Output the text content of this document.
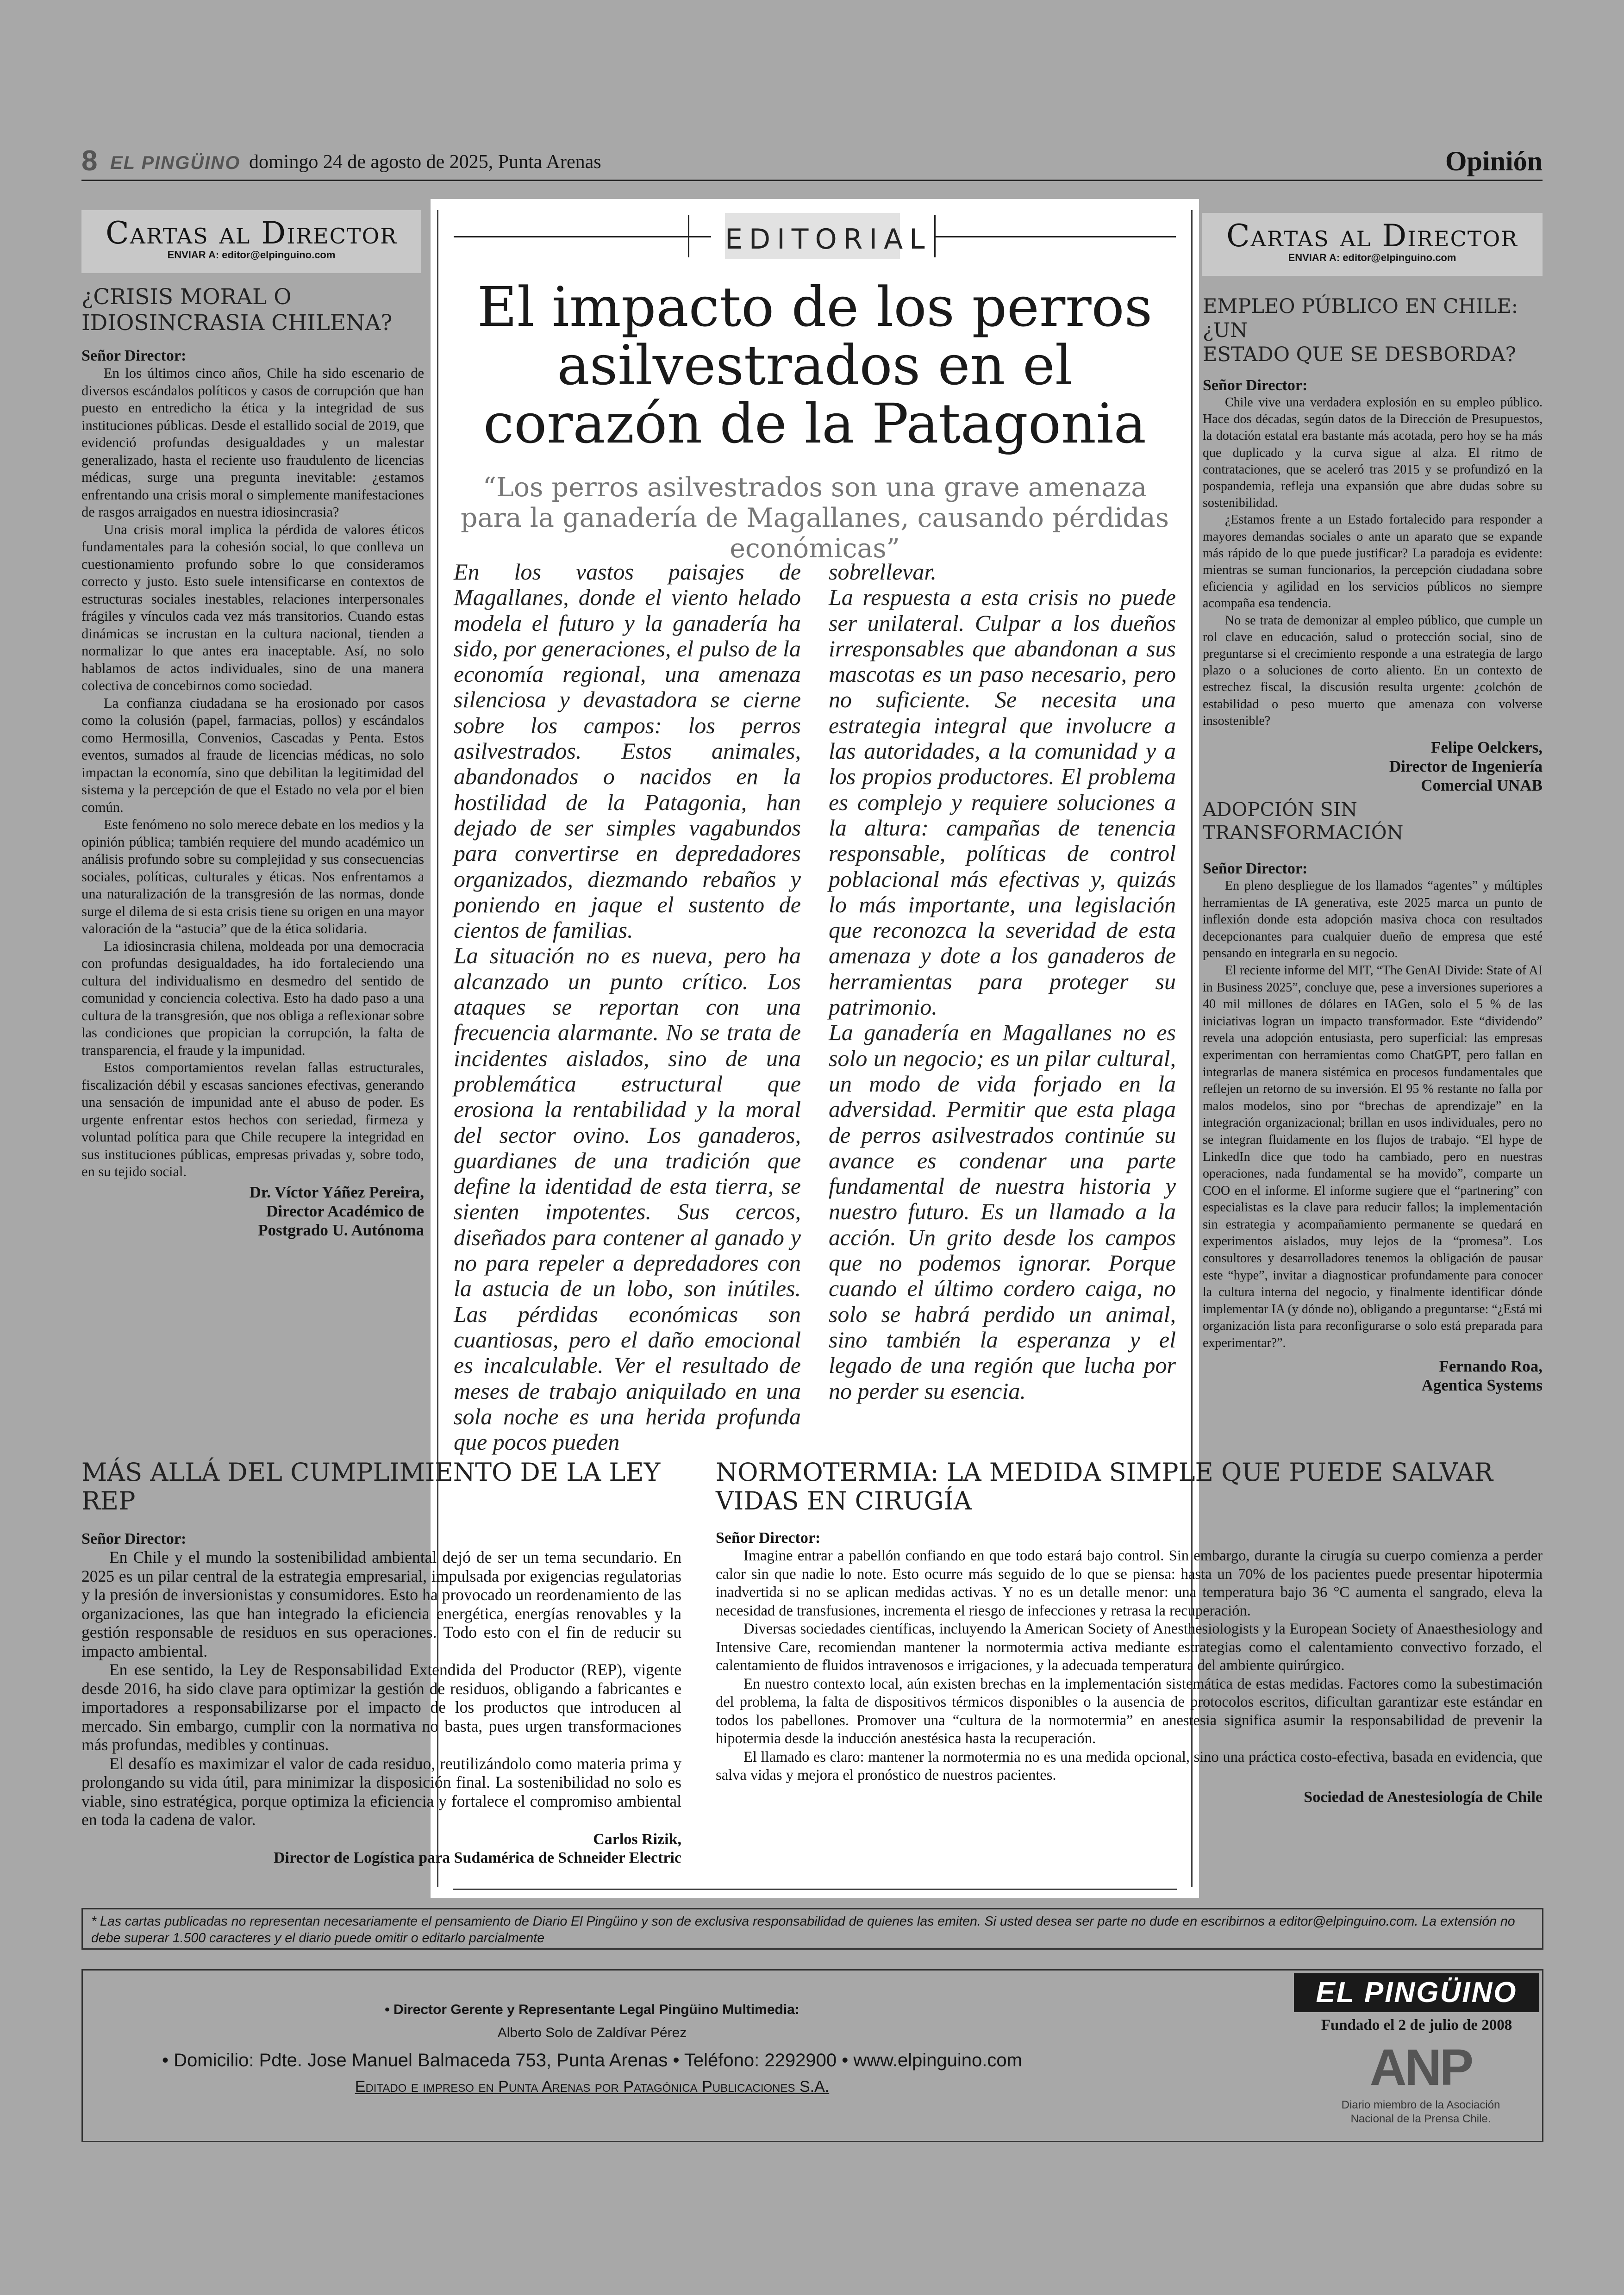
8 EL PINGÜINO domingo 24 de agosto de 2025, Punta Arenas	Opinión
Cartas al Director
ENVIAR A: editor@elpinguino.com
¿CRISIS MORAL O
IDIOSINCRASIA CHILENA?
Señor Director:

En los últimos cinco años, Chile ha sido escenario de diversos escándalos políticos y casos de corrupción que han puesto en entredicho la ética y la integridad de sus instituciones públicas. Desde el estallido social de 2019, que evidenció profundas desigualdades y un malestar generalizado, hasta el reciente uso fraudulento de licencias médicas, surge una pregunta inevitable: ¿estamos enfrentando una crisis moral o simplemente manifestaciones de rasgos arraigados en nuestra idiosincrasia?

Una crisis moral implica la pérdida de valores éticos fundamentales para la cohesión social, lo que conlleva un cuestionamiento profundo sobre lo que consideramos correcto y justo. Esto suele intensificarse en contextos de estructuras sociales inestables, relaciones interpersonales frágiles y vínculos cada vez más transitorios. Cuando estas dinámicas se incrustan en la cultura nacional, tienden a normalizar lo que antes era inaceptable. Así, no solo hablamos de actos individuales, sino de una manera colectiva de concebirnos como sociedad.

La confianza ciudadana se ha erosionado por casos como la colusión (papel, farmacias, pollos) y escándalos como Hermosilla, Convenios, Cascadas y Penta. Estos eventos, sumados al fraude de licencias médicas, no solo impactan la economía, sino que debilitan la legitimidad del sistema y la percepción de que el Estado no vela por el bien común.

Este fenómeno no solo merece debate en los medios y la opinión pública; también requiere del mundo académico un análisis profundo sobre su complejidad y sus consecuencias sociales, políticas, culturales y éticas. Nos enfrentamos a una naturalización de la transgresión de las normas, donde surge el dilema de si esta crisis tiene su origen en una mayor valoración de la “astucia” que de la ética solidaria.

La idiosincrasia chilena, moldeada por una democracia con profundas desigualdades, ha ido fortaleciendo una cultura del individualismo en desmedro del sentido de comunidad y conciencia colectiva. Esto ha dado paso a una cultura de la transgresión, que nos obliga a reflexionar sobre las condiciones que propician la corrupción, la falta de transparencia, el fraude y la impunidad.

Estos comportamientos revelan fallas estructurales, fiscalización débil y escasas sanciones efectivas, generando una sensación de impunidad ante el abuso de poder. Es urgente enfrentar estos hechos con seriedad, firmeza y voluntad política para que Chile recupere la integridad en sus instituciones públicas, empresas privadas y, sobre todo, en su tejido social.

Dr. Víctor Yáñez Pereira,
Director Académico de
Postgrado U. Autónoma
EDITORIAL
El impacto de los perros asilvestrados en el corazón de la Patagonia
“Los perros asilvestrados son una grave amenaza para la ganadería de Magallanes, causando pérdidas económicas”

En los vastos paisajes de Magallanes, donde el viento helado modela el futuro y la ganadería ha sido, por generaciones, el pulso de la economía regional, una amenaza silenciosa y devastadora se cierne sobre los campos: los perros asilvestrados. Estos animales, abandonados o nacidos en la hostilidad de la Patagonia, han dejado de ser simples vagabundos para convertirse en depredadores organizados, diezmando rebaños y poniendo en jaque el sustento de cientos de familias.

La situación no es nueva, pero ha alcanzado un punto crítico. Los ataques se reportan con una frecuencia alarmante. No se trata de incidentes aislados, sino de una problemática estructural que erosiona la rentabilidad y la moral del sector ovino. Los ganaderos, guardianes de una tradición que define la identidad de esta tierra, se sienten impotentes. Sus cercos, diseñados para contener al ganado y no para repeler a depredadores con la astucia de un lobo, son inútiles. Las pérdidas económicas son cuantiosas, pero el daño emocional es incalculable. Ver el resultado de meses de trabajo aniquilado en una sola noche es una herida profunda que pocos pueden

sobrellevar.

La respuesta a esta crisis no puede ser unilateral. Culpar a los dueños irresponsables que abandonan a sus mascotas es un paso necesario, pero no suficiente. Se necesita una estrategia integral que involucre a las autoridades, a la comunidad y a los propios productores. El problema es complejo y requiere soluciones a la altura: campañas de tenencia responsable, políticas de control poblacional más efectivas y, quizás lo más importante, una legislación que reconozca la severidad de esta amenaza y dote a los ganaderos de herramientas para proteger su patrimonio.

La ganadería en Magallanes no es solo un negocio; es un pilar cultural, un modo de vida forjado en la adversidad. Permitir que esta plaga de perros asilvestrados continúe su avance es condenar una parte fundamental de nuestra historia y nuestro futuro. Es un llamado a la acción. Un grito desde los campos que no podemos ignorar. Porque cuando el último cordero caiga, no solo se habrá perdido un animal, sino también la esperanza y el legado de una región que lucha por no perder su esencia.

Cartas al Director
ENVIAR A: editor@elpinguino.com
EMPLEO PÚBLICO EN CHILE: ¿UN
ESTADO QUE SE DESBORDA?
Señor Director:

Chile vive una verdadera explosión en su empleo público. Hace dos décadas, según datos de la Dirección de Presupuestos, la dotación estatal era bastante más acotada, pero hoy se ha más que duplicado y la curva sigue al alza. El ritmo de contrataciones, que se aceleró tras 2015 y se profundizó en la pospandemia, refleja una expansión que abre dudas sobre su sostenibilidad.

¿Estamos frente a un Estado fortalecido para responder a mayores demandas sociales o ante un aparato que se expande más rápido de lo que puede justificar? La paradoja es evidente: mientras se suman funcionarios, la percepción ciudadana sobre eficiencia y agilidad en los servicios públicos no siempre acompaña esa tendencia.

No se trata de demonizar al empleo público, que cumple un rol clave en educación, salud o protección social, sino de preguntarse si el crecimiento responde a una estrategia de largo plazo o a soluciones de corto aliento. En un contexto de estrechez fiscal, la discusión resulta urgente: ¿colchón de estabilidad o peso muerto que amenaza con volverse insostenible?

Felipe Oelckers,
Director de Ingeniería
Comercial UNAB
ADOPCIÓN SIN TRANSFORMACIÓN
Señor Director:

En pleno despliegue de los llamados “agentes” y múltiples herramientas de IA generativa, este 2025 marca un punto de inflexión donde esta adopción masiva choca con resultados decepcionantes para cualquier dueño de empresa que esté pensando en integrarla en su negocio.

El reciente informe del MIT, “The GenAI Divide: State of AI in Business 2025”, concluye que, pese a inversiones superiores a 40 mil millones de dólares en IAGen, solo el 5 % de las iniciativas logran un impacto transformador. Este “dividendo” revela una adopción entusiasta, pero superficial: las empresas experimentan con herramientas como ChatGPT, pero fallan en integrarlas de manera sistémica en procesos fundamentales que reflejen un retorno de su inversión. El 95 % restante no falla por malos modelos, sino por “brechas de aprendizaje” en la integración organizacional; brillan en usos individuales, pero no se integran fluidamente en los flujos de trabajo. “El hype de LinkedIn dice que todo ha cambiado, pero en nuestras operaciones, nada fundamental se ha movido”, comparte un COO en el informe. El informe sugiere que el “partnering” con especialistas es la clave para reducir fallos; la implementación sin estrategia y acompañamiento permanente se quedará en experimentos aislados, muy lejos de la “promesa”. Los consultores y desarrolladores tenemos la obligación de pausar este “hype”, invitar a diagnosticar profundamente para conocer la cultura interna del negocio, y finalmente identificar dónde implementar IA (y dónde no), obligando a preguntarse: “¿Está mi organización lista para reconfigurarse o solo está preparada para experimentar?”.

Fernando Roa,
Agentica Systems
MÁS ALLÁ DEL CUMPLIMIENTO DE LA LEY REP
Señor Director:

En Chile y el mundo la sostenibilidad ambiental dejó de ser un tema secundario. En 2025 es un pilar central de la estrategia empresarial, impulsada por exigencias regulatorias y la presión de inversionistas y consumidores. Esto ha provocado un reordenamiento de las organizaciones, las que han integrado la eficiencia energética, energías renovables y la gestión responsable de residuos en sus operaciones. Todo esto con el fin de reducir su impacto ambiental.

En ese sentido, la Ley de Responsabilidad Extendida del Productor (REP), vigente desde 2016, ha sido clave para optimizar la gestión de residuos, obligando a fabricantes e importadores a responsabilizarse por el impacto de los productos que introducen al mercado. Sin embargo, cumplir con la normativa no basta, pues urgen transformaciones más profundas, medibles y continuas.

El desafío es maximizar el valor de cada residuo, reutilizándolo como materia prima y prolongando su vida útil, para minimizar la disposición final. La sostenibilidad no solo es viable, sino estratégica, porque optimiza la eficiencia y fortalece el compromiso ambiental en toda la cadena de valor.

Carlos Rizik,
Director de Logística para Sudamérica de Schneider Electric
NORMOTERMIA: LA MEDIDA SIMPLE QUE PUEDE SALVAR VIDAS EN CIRUGÍA
Señor Director:

Imagine entrar a pabellón confiando en que todo estará bajo control. Sin embargo, durante la cirugía su cuerpo comienza a perder calor sin que nadie lo note. Esto ocurre más seguido de lo que se piensa: hasta un 70% de los pacientes puede presentar hipotermia inadvertida si no se aplican medidas activas. Y no es un detalle menor: una temperatura bajo 36 °C aumenta el sangrado, eleva la necesidad de transfusiones, incrementa el riesgo de infecciones y retrasa la recuperación.

Diversas sociedades científicas, incluyendo la American Society of Anesthesiologists y la European Society of Anaesthesiology and Intensive Care, recomiendan mantener la normotermia activa mediante estrategias como el calentamiento convectivo forzado, el calentamiento de fluidos intravenosos e irrigaciones, y la adecuada temperatura del ambiente quirúrgico.

En nuestro contexto local, aún existen brechas en la implementación sistemática de estas medidas. Factores como la subestimación del problema, la falta de dispositivos térmicos disponibles o la ausencia de protocolos escritos, dificultan garantizar este estándar en todos los pabellones. Promover una “cultura de la normotermia” en anestesia significa asumir la responsabilidad de prevenir la hipotermia desde la inducción anestésica hasta la recuperación.

El llamado es claro: mantener la normotermia no es una medida opcional, sino una práctica costo-efectiva, basada en evidencia, que salva vidas y mejora el pronóstico de nuestros pacientes.

Sociedad de Anestesiología de Chile
* Las cartas publicadas no representan necesariamente el pensamiento de Diario El Pingüino y son de exclusiva responsabilidad de quienes las emiten. Si usted desea ser parte no dude en escribirnos a editor@elpinguino.com. La extensión no debe superar 1.500 caracteres y el diario puede omitir o editarlo parcialmente
• Director Gerente y Representante Legal Pingüino Multimedia:
Alberto Solo de Zaldívar Pérez
• Domicilio: Pdte. Jose Manuel Balmaceda 753, Punta Arenas • Teléfono: 2292900 • www.elpinguino.com
Editado e impreso en Punta Arenas por Patagónica Publicaciones S.A.
EL PINGÜINO
Fundado el 2 de julio de 2008
ANP
Diario miembro de la Asociación
Nacional de la Prensa Chile.
